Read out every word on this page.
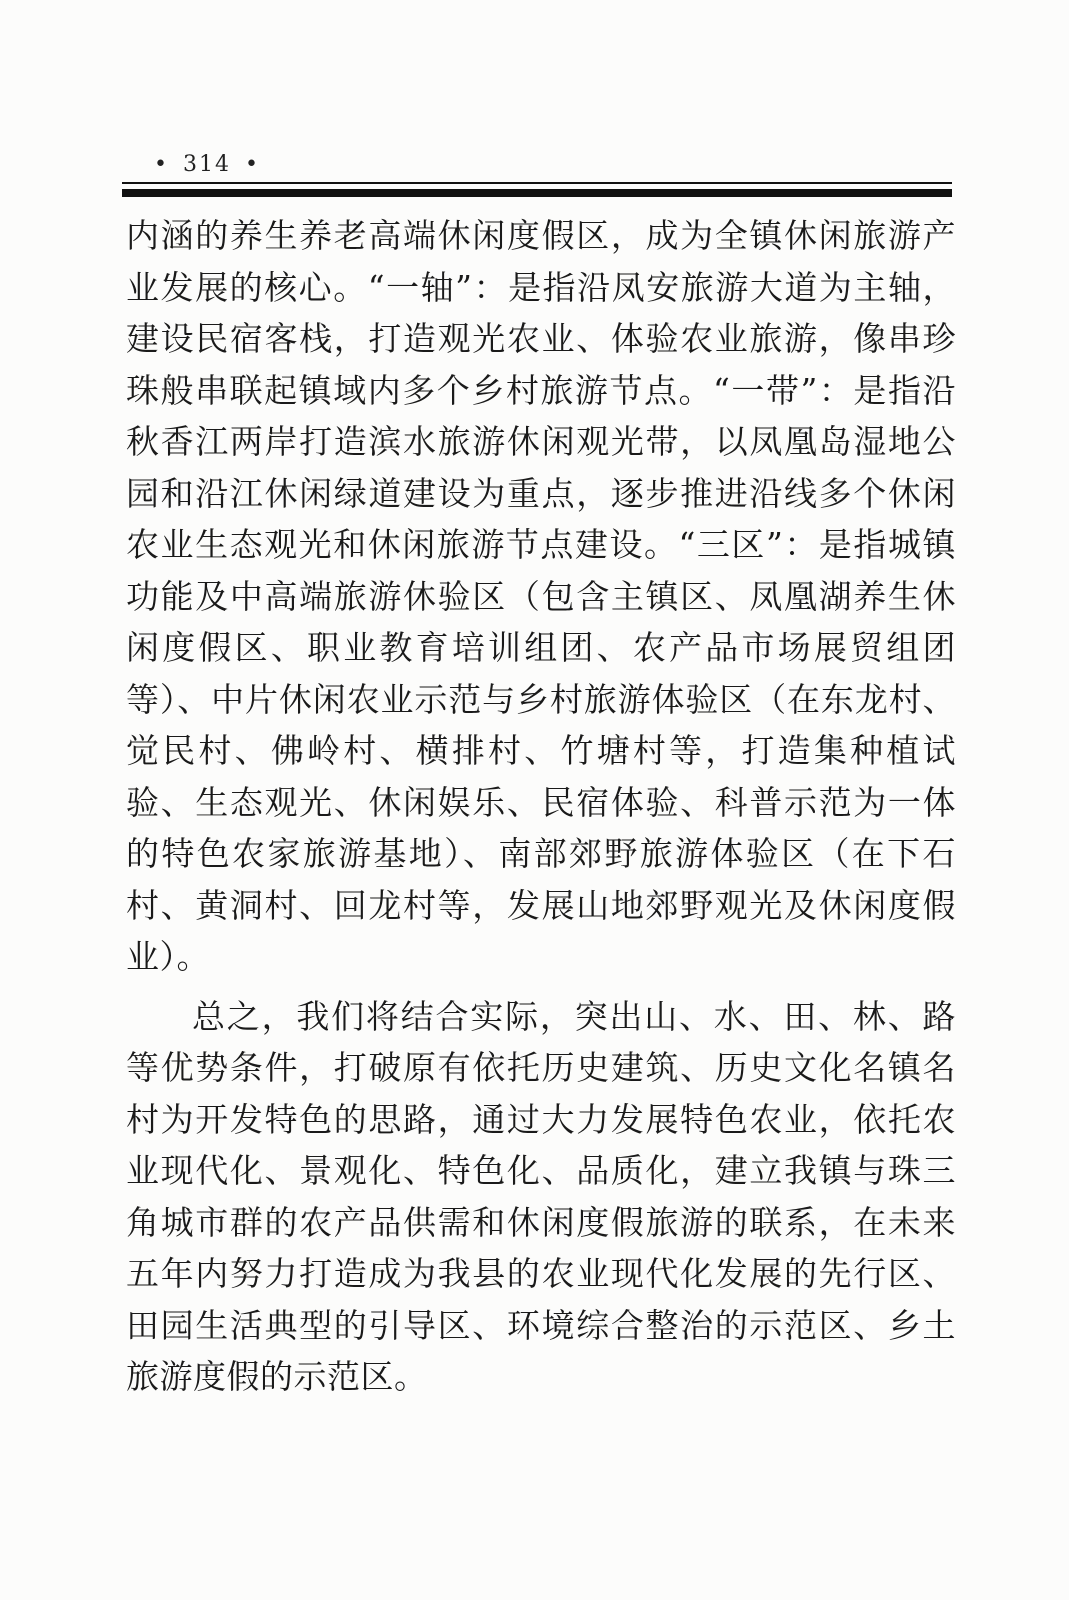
• 314 •

内涵的养生养老高端休闲度假区，成为全镇休闲旅游产业发展的核心。“一轴”：是指沿凤安旅游大道为主轴，建设民宿客栈，打造观光农业、体验农业旅游，像串珍珠般串联起镇域内多个乡村旅游节点。“一带”：是指沿秋香江两岸打造滨水旅游休闲观光带，以凤凰岛湿地公园和沿江休闲绿道建设为重点，逐步推进沿线多个休闲农业生态观光和休闲旅游节点建设。“三区”：是指城镇功能及中高端旅游休验区（包含主镇区、凤凰湖养生休闲度假区、职业教育培训组团、农产品市场展贸组团等）、中片休闲农业示范与乡村旅游体验区（在东龙村、觉民村、佛岭村、横排村、竹塘村等，打造集种植试验、生态观光、休闲娱乐、民宿体验、科普示范为一体的特色农家旅游基地）、南部郊野旅游体验区（在下石村、黄洞村、回龙村等，发展山地郊野观光及休闲度假业）。

总之，我们将结合实际，突出山、水、田、林、路等优势条件，打破原有依托历史建筑、历史文化名镇名村为开发特色的思路，通过大力发展特色农业，依托农业现代化、景观化、特色化、品质化，建立我镇与珠三角城市群的农产品供需和休闲度假旅游的联系，在未来五年内努力打造成为我县的农业现代化发展的先行区、田园生活典型的引导区、环境综合整治的示范区、乡土旅游度假的示范区。
